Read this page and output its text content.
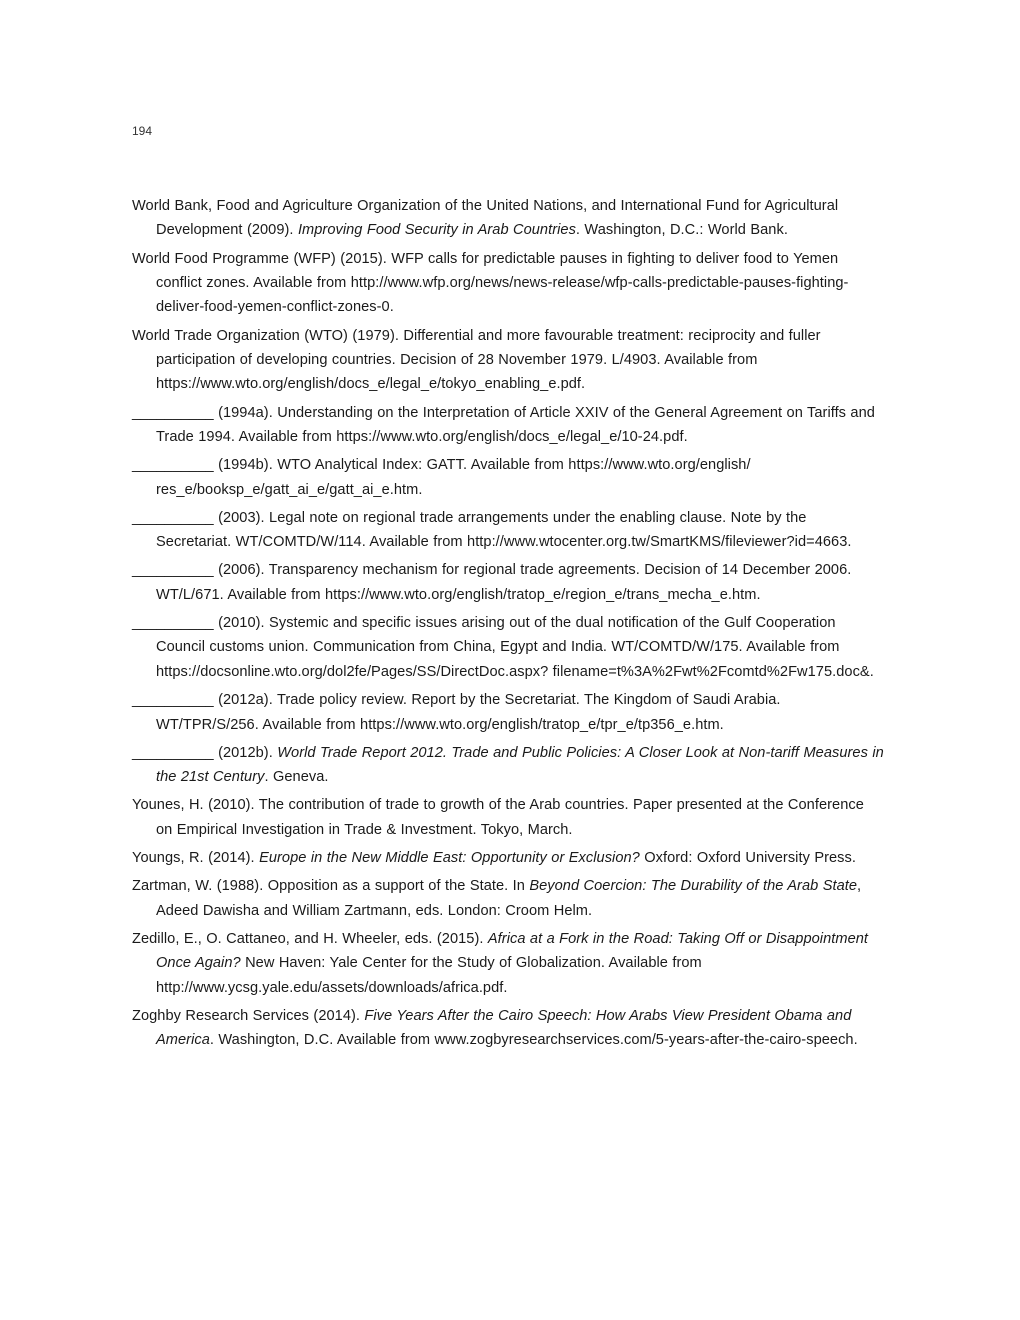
194

World Bank, Food and Agriculture Organization of the United Nations, and International Fund for Agricultural Development (2009). Improving Food Security in Arab Countries. Washington, D.C.: World Bank.

World Food Programme (WFP) (2015). WFP calls for predictable pauses in fighting to deliver food to Yemen conflict zones. Available from http://www.wfp.org/news/news-release/wfp-calls-predictable-pauses-fighting-deliver-food-yemen-conflict-zones-0.

World Trade Organization (WTO) (1979). Differential and more favourable treatment: reciprocity and fuller participation of developing countries. Decision of 28 November 1979. L/4903. Available from https://www.wto.org/english/docs_e/legal_e/tokyo_enabling_e.pdf.

__________ (1994a). Understanding on the Interpretation of Article XXIV of the General Agreement on Tariffs and Trade 1994. Available from https://www.wto.org/english/docs_e/legal_e/10-24.pdf.

__________ (1994b). WTO Analytical Index: GATT. Available from https://www.wto.org/english/ res_e/booksp_e/gatt_ai_e/gatt_ai_e.htm.

__________ (2003). Legal note on regional trade arrangements under the enabling clause. Note by the Secretariat. WT/COMTD/W/114. Available from http://www.wtocenter.org.tw/SmartKMS/fileviewer?id=4663.

__________ (2006). Transparency mechanism for regional trade agreements. Decision of 14 December 2006. WT/L/671. Available from https://www.wto.org/english/tratop_e/region_e/trans_mecha_e.htm.

__________ (2010). Systemic and specific issues arising out of the dual notification of the Gulf Cooperation Council customs union. Communication from China, Egypt and India. WT/COMTD/W/175. Available from https://docsonline.wto.org/dol2fe/Pages/SS/DirectDoc.aspx? filename=t%3A%2Fwt%2Fcomtd%2Fw175.doc&.

__________ (2012a). Trade policy review. Report by the Secretariat. The Kingdom of Saudi Arabia. WT/TPR/S/256. Available from https://www.wto.org/english/tratop_e/tpr_e/tp356_e.htm.

__________ (2012b). World Trade Report 2012. Trade and Public Policies: A Closer Look at Non-tariff Measures in the 21st Century. Geneva.

Younes, H. (2010). The contribution of trade to growth of the Arab countries. Paper presented at the Conference on Empirical Investigation in Trade & Investment. Tokyo, March.

Youngs, R. (2014). Europe in the New Middle East: Opportunity or Exclusion? Oxford: Oxford University Press.

Zartman, W. (1988). Opposition as a support of the State. In Beyond Coercion: The Durability of the Arab State, Adeed Dawisha and William Zartmann, eds. London: Croom Helm.

Zedillo, E., O. Cattaneo, and H. Wheeler, eds. (2015). Africa at a Fork in the Road: Taking Off or Disappointment Once Again? New Haven: Yale Center for the Study of Globalization. Available from http://www.ycsg.yale.edu/assets/downloads/africa.pdf.

Zoghby Research Services (2014). Five Years After the Cairo Speech: How Arabs View President Obama and America. Washington, D.C. Available from www.zogbyresearchservices.com/5-years-after-the-cairo-speech.
